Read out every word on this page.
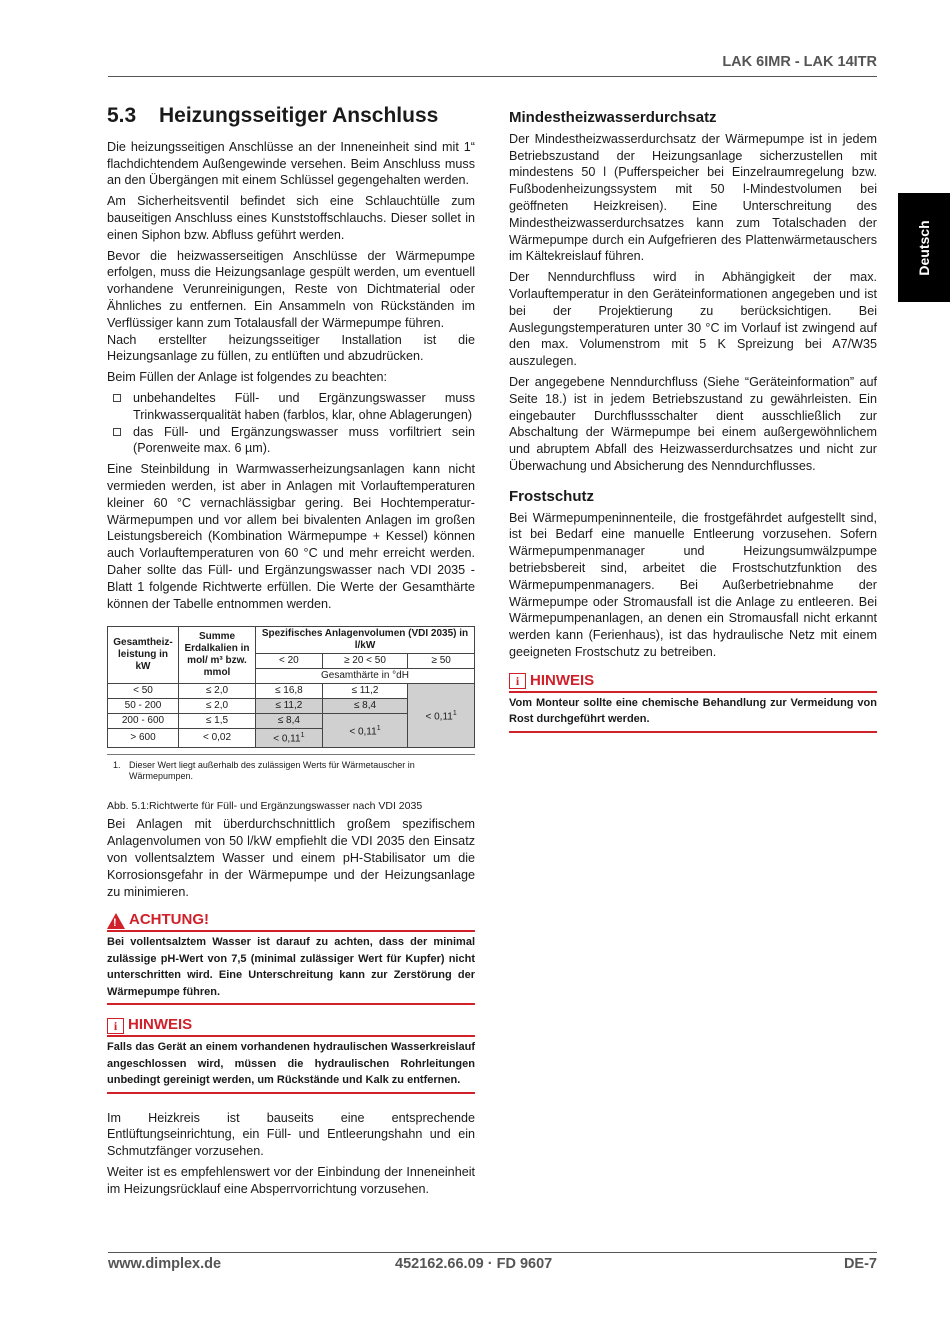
LAK 6IMR - LAK 14ITR
Deutsch
5.3	Heizungsseitiger Anschluss

Die heizungsseitigen Anschlüsse an der Inneneinheit sind mit 1“ flachdichtendem Außengewinde versehen. Beim Anschluss muss an den Übergängen mit einem Schlüssel gegengehalten werden.

Am Sicherheitsventil befindet sich eine Schlauchtülle zum bauseitigen Anschluss eines Kunststoffschlauchs. Dieser sollet in einen Siphon bzw. Abfluss geführt werden.

Bevor die heizwasserseitigen Anschlüsse der Wärmepumpe erfolgen, muss die Heizungsanlage gespült werden, um eventuell vorhandene Verunreinigungen, Reste von Dichtmaterial oder Ähnliches zu entfernen. Ein Ansammeln von Rückständen im Verflüssiger kann zum Totalausfall der Wärmepumpe führen.

Nach erstellter heizungsseitiger Installation ist die Heizungsanlage zu füllen, zu entlüften und abzudrücken.

Beim Füllen der Anlage ist folgendes zu beachten:

unbehandeltes Füll- und Ergänzungswasser muss Trinkwasserqualität haben (farblos, klar, ohne Ablagerungen)
das Füll- und Ergänzungswasser muss vorfiltriert sein (Porenweite max. 6 µm).

Eine Steinbildung in Warmwasserheizungsanlagen kann nicht vermieden werden, ist aber in Anlagen mit Vorlauftemperaturen kleiner 60 °C vernachlässigbar gering. Bei Hochtemperatur-Wärmepumpen und vor allem bei bivalenten Anlagen im großen Leistungsbereich (Kombination Wärmepumpe + Kessel) können auch Vorlauftemperaturen von 60 °C und mehr erreicht werden. Daher sollte das Füll- und Ergänzungswasser nach VDI 2035 - Blatt 1 folgende Richtwerte erfüllen. Die Werte der Gesamthärte können der Tabelle entnommen werden.

Gesamtheiz-leistung in kW	Summe Erdalkalien in mol/ m³ bzw. mmol	Spezifisches Anlagenvolumen (VDI 2035) in l/kW		
		< 20	≥ 20 < 50	≥ 50
		Gesamthärte in °dH		
< 50	≤ 2,0	≤ 16,8	≤ 11,2	< $0,11^1$
50 - 200	≤ 2,0	≤ 11,2	≤ 8,4	
200 - 600	≤ 1,5	≤ 8,4	< $0,11^1$
> 600	< 0,02	< $0,11^1$
1. Dieser Wert liegt außerhalb des zulässigen Werts für Wärmetauscher in Wärmepumpen.
Abb. 5.1:Richtwerte für Füll- und Ergänzungswasser nach VDI 2035

Bei Anlagen mit überdurchschnittlich großem spezifischem Anlagenvolumen von 50 l/kW empfiehlt die VDI 2035 den Einsatz von vollentsalztem Wasser und einem pH-Stabilisator um die Korrosionsgefahr in der Wärmepumpe und der Heizungsanlage zu minimieren.

!
ACHTUNG!
Bei vollentsalztem Wasser ist darauf zu achten, dass der minimal zulässige pH-Wert von 7,5 (minimal zulässiger Wert für Kupfer) nicht unterschritten wird. Eine Unterschreitung kann zur Zerstörung der Wärmepumpe führen.
i HINWEIS
Falls das Gerät an einem vorhandenen hydraulischen Wasserkreislauf angeschlossen wird, müssen die hydraulischen Rohrleitungen unbedingt gereinigt werden, um Rückstände und Kalk zu entfernen.

Im Heizkreis ist bauseits eine entsprechende Entlüftungseinrichtung, ein Füll- und Entleerungshahn und ein Schmutzfänger vorzusehen.

Weiter ist es empfehlenswert vor der Einbindung der Inneneinheit im Heizungsrücklauf eine Absperrvorrichtung vorzusehen.

Mindestheizwasserdurchsatz

Der Mindestheizwasserdurchsatz der Wärmepumpe ist in jedem Betriebszustand der Heizungsanlage sicherzustellen mit mindestens 50 l (Pufferspeicher bei Einzelraumregelung bzw. Fußbodenheizungssystem mit 50 l-Mindestvolumen bei geöffneten Heizkreisen). Eine Unterschreitung des Mindestheizwasserdurchsatzes kann zum Totalschaden der Wärmepumpe durch ein Aufgefrieren des Plattenwärmetauschers im Kältekreislauf führen.

Der Nenndurchfluss wird in Abhängigkeit der max. Vorlauftemperatur in den Geräteinformationen angegeben und ist bei der Projektierung zu berücksichtigen. Bei Auslegungstemperaturen unter 30 °C im Vorlauf ist zwingend auf den max. Volumenstrom mit 5 K Spreizung bei A7/W35 auszulegen.

Der angegebene Nenndurchfluss (Siehe “Geräteinformation” auf Seite 18.) ist in jedem Betriebszustand zu gewährleisten. Ein eingebauter Durchflussschalter dient ausschließlich zur Abschaltung der Wärmepumpe bei einem außergewöhnlichem und abruptem Abfall des Heizwasserdurchsatzes und nicht zur Überwachung und Absicherung des Nenndurchflusses.

Frostschutz

Bei Wärmepumpeninnenteile, die frostgefährdet aufgestellt sind, ist bei Bedarf eine manuelle Entleerung vorzusehen. Sofern Wärmepumpenmanager und Heizungsumwälzpumpe betriebsbereit sind, arbeitet die Frostschutzfunktion des Wärmepumpenmanagers. Bei Außerbetriebnahme der Wärmepumpe oder Stromausfall ist die Anlage zu entleeren. Bei Wärmepumpenanlagen, an denen ein Stromausfall nicht erkannt werden kann (Ferienhaus), ist das hydraulische Netz mit einem geeigneten Frostschutz zu betreiben.

i HINWEIS
Vom Monteur sollte eine chemische Behandlung zur Vermeidung von Rost durchgeführt werden.
www.dimplex.de	452162.66.09 · FD 9607	DE-7
